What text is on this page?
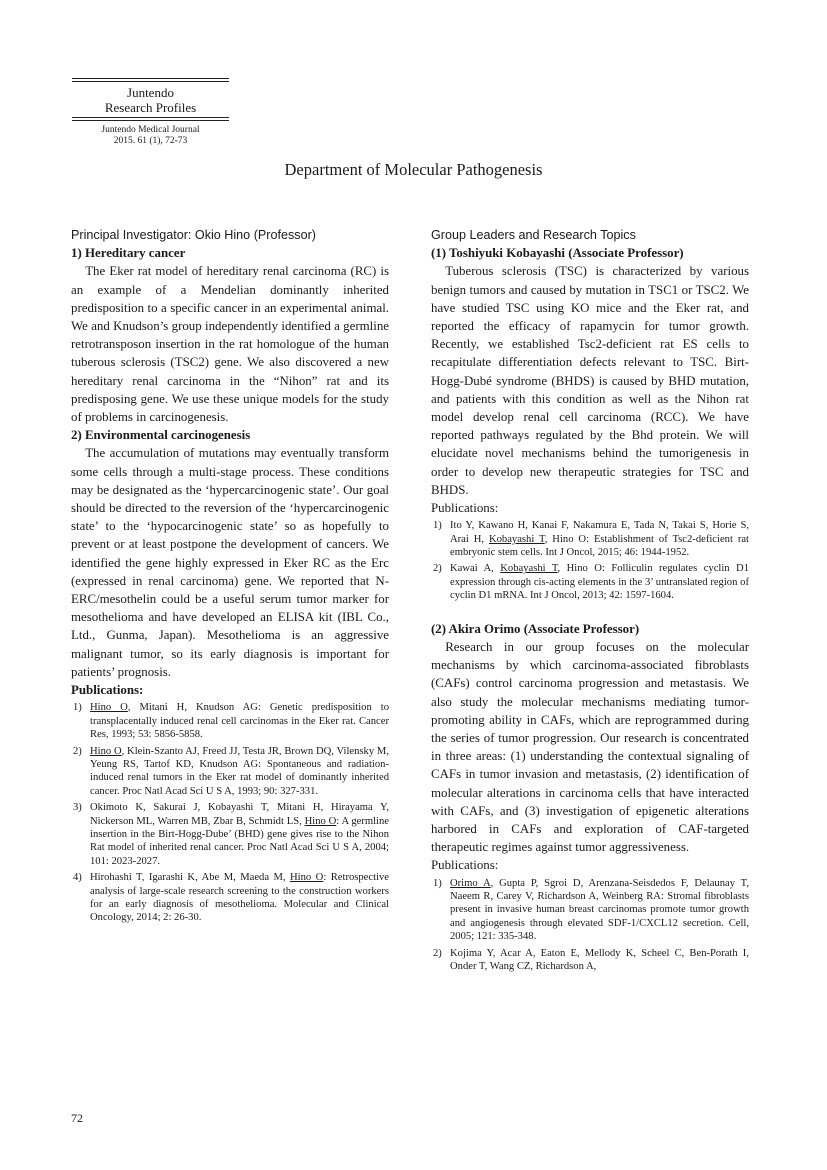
Juntendo
Research Profiles
Juntendo Medical Journal
2015. 61 (1), 72-73
Department of Molecular Pathogenesis
Principal Investigator: Okio Hino (Professor)
1) Hereditary cancer
The Eker rat model of hereditary renal carcinoma (RC) is an example of a Mendelian dominantly inherited predisposition to a specific cancer in an experimental animal. We and Knudson’s group independently identified a germline retrotransposon insertion in the rat homologue of the human tuberous sclerosis (TSC2) gene. We also discovered a new hereditary renal carcinoma in the “Nihon” rat and its predisposing gene. We use these unique models for the study of problems in carcinogenesis.
2) Environmental carcinogenesis
The accumulation of mutations may eventually transform some cells through a multi-stage process. These conditions may be designated as the ‘hypercarcinogenic state’. Our goal should be directed to the reversion of the ‘hypercarcinogenic state’ to the ‘hypocarcinogenic state’ so as hopefully to prevent or at least postpone the development of cancers. We identified the gene highly expressed in Eker RC as the Erc (expressed in renal carcinoma) gene. We reported that N-ERC/mesothelin could be a useful serum tumor marker for mesothelioma and have developed an ELISA kit (IBL Co., Ltd., Gunma, Japan). Mesothelioma is an aggressive malignant tumor, so its early diagnosis is important for patients’ prognosis.
Publications:
1) Hino O, Mitani H, Knudson AG: Genetic predisposition to transplacentally induced renal cell carcinomas in the Eker rat. Cancer Res, 1993; 53: 5856-5858.
2) Hino O, Klein-Szanto AJ, Freed JJ, Testa JR, Brown DQ, Vilensky M, Yeung RS, Tartof KD, Knudson AG: Spontaneous and radiation-induced renal tumors in the Eker rat model of dominantly inherited cancer. Proc Natl Acad Sci U S A, 1993; 90: 327-331.
3) Okimoto K, Sakurai J, Kobayashi T, Mitani H, Hirayama Y, Nickerson ML, Warren MB, Zbar B, Schmidt LS, Hino O: A germline insertion in the Birt-Hogg-Dube’ (BHD) gene gives rise to the Nihon Rat model of inherited renal cancer. Proc Natl Acad Sci U S A, 2004; 101: 2023-2027.
4) Hirohashi T, Igarashi K, Abe M, Maeda M, Hino O: Retrospective analysis of large-scale research screening to the construction workers for an early diagnosis of mesothelioma. Molecular and Clinical Oncology, 2014; 2: 26-30.
Group Leaders and Research Topics
(1) Toshiyuki Kobayashi (Associate Professor)
Tuberous sclerosis (TSC) is characterized by various benign tumors and caused by mutation in TSC1 or TSC2. We have studied TSC using KO mice and the Eker rat, and reported the efficacy of rapamycin for tumor growth. Recently, we established Tsc2-deficient rat ES cells to recapitulate differentiation defects relevant to TSC. Birt-Hogg-Dubé syndrome (BHDS) is caused by BHD mutation, and patients with this condition as well as the Nihon rat model develop renal cell carcinoma (RCC). We have reported pathways regulated by the Bhd protein. We will elucidate novel mechanisms behind the tumorigenesis in order to develop new therapeutic strategies for TSC and BHDS.
Publications:
1) Ito Y, Kawano H, Kanai F, Nakamura E, Tada N, Takai S, Horie S, Arai H, Kobayashi T, Hino O: Establishment of Tsc2-deficient rat embryonic stem cells. Int J Oncol, 2015; 46: 1944-1952.
2) Kawai A, Kobayashi T, Hino O: Folliculin regulates cyclin D1 expression through cis-acting elements in the 3’ untranslated region of cyclin D1 mRNA. Int J Oncol, 2013; 42: 1597-1604.
(2) Akira Orimo (Associate Professor)
Research in our group focuses on the molecular mechanisms by which carcinoma-associated fibroblasts (CAFs) control carcinoma progression and metastasis. We also study the molecular mechanisms mediating tumor-promoting ability in CAFs, which are reprogrammed during the series of tumor progression. Our research is concentrated in three areas: (1) understanding the contextual signaling of CAFs in tumor invasion and metastasis, (2) identification of molecular alterations in carcinoma cells that have interacted with CAFs, and (3) investigation of epigenetic alterations harbored in CAFs and exploration of CAF-targeted therapeutic regimes against tumor aggressiveness.
Publications:
1) Orimo A, Gupta P, Sgroi D, Arenzana-Seisdedos F, Delaunay T, Naeem R, Carey V, Richardson A, Weinberg RA: Stromal fibroblasts present in invasive human breast carcinomas promote tumor growth and angiogenesis through elevated SDF-1/CXCL12 secretion. Cell, 2005; 121: 335-348.
2) Kojima Y, Acar A, Eaton E, Mellody K, Scheel C, Ben-Porath I, Onder T, Wang CZ, Richardson A,
72
